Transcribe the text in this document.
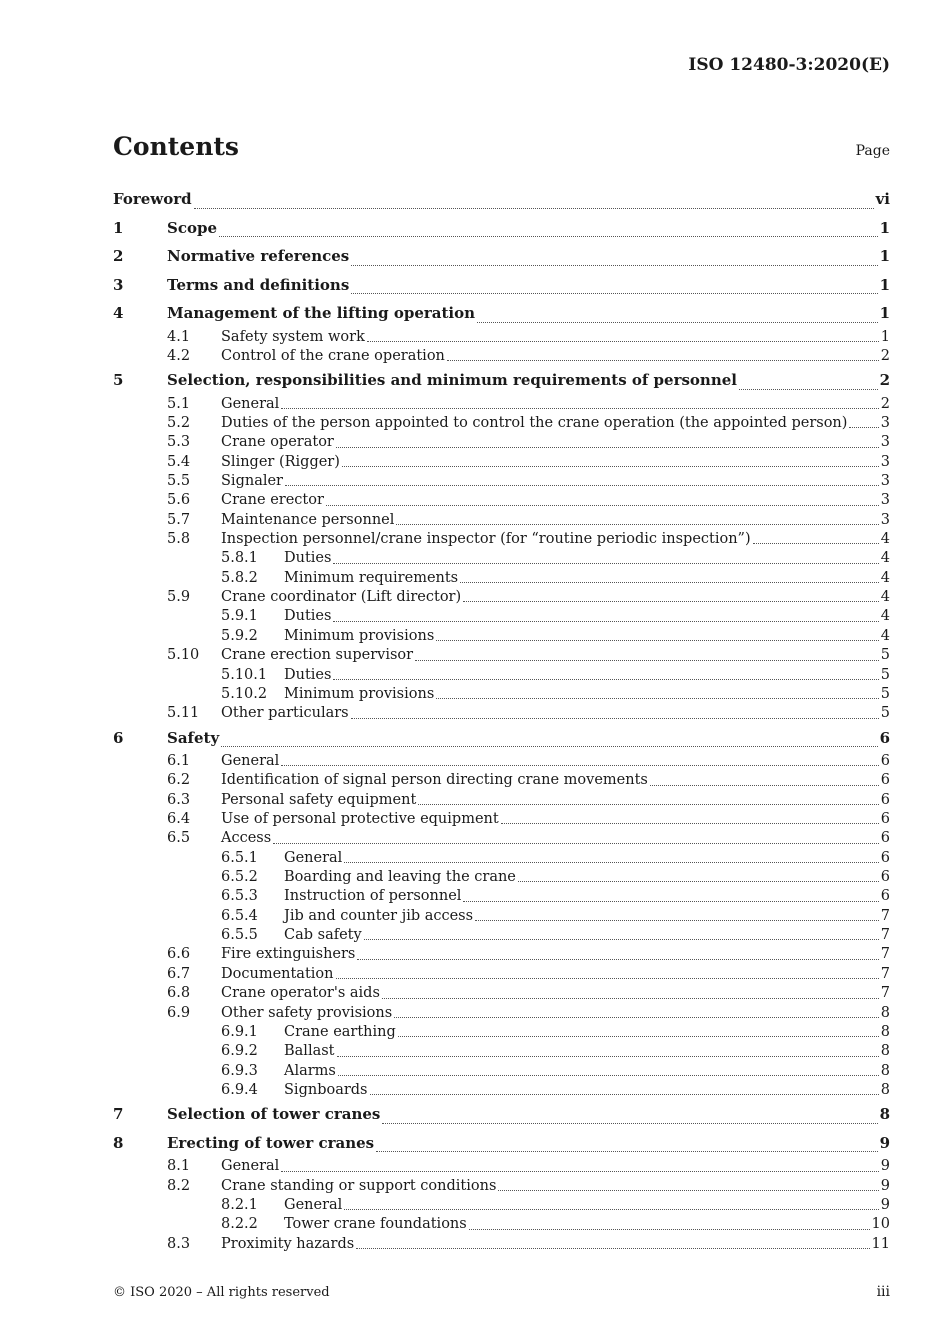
ISO 12480-3:2020(E)
Contents	Page
Foreword	vi
1	Scope	1
2	Normative references	1
3	Terms and definitions	1
4	Management of the lifting operation	1
4.1	Safety system work	1
4.2	Control of the crane operation	2
5	Selection, responsibilities and minimum requirements of personnel	2
5.1	General	2
5.2	Duties of the person appointed to control the crane operation (the appointed person) 3
5.3	Crane operator	3
5.4	Slinger (Rigger)	3
5.5	Signaler	3
5.6	Crane erector	3
5.7	Maintenance personnel	3
5.8	Inspection personnel/crane inspector (for “routine periodic inspection”)	4
5.8.1	Duties	4
5.8.2	Minimum requirements	4
5.9	Crane coordinator (Lift director)	4
5.9.1	Duties	4
5.9.2	Minimum provisions	4
5.10	Crane erection supervisor	5
5.10.1	Duties	5
5.10.2	Minimum provisions	5
5.11	Other particulars	5
6	Safety	6
6.1	General	6
6.2	Identification of signal person directing crane movements	6
6.3	Personal safety equipment	6
6.4	Use of personal protective equipment	6
6.5	Access	6
6.5.1	General	6
6.5.2	Boarding and leaving the crane	6
6.5.3	Instruction of personnel	6
6.5.4	Jib and counter jib access	7
6.5.5	Cab safety	7
6.6	Fire extinguishers	7
6.7	Documentation	7
6.8	Crane operator's aids	7
6.9	Other safety provisions	8
6.9.1	Crane earthing	8
6.9.2	Ballast	8
6.9.3	Alarms	8
6.9.4	Signboards	8
7	Selection of tower cranes	8
8	Erecting of tower cranes	9
8.1	General	9
8.2	Crane standing or support conditions	9
8.2.1	General	9
8.2.2	Tower crane foundations	10
8.3	Proximity hazards	11
© ISO 2020 – All rights reserved	iii
